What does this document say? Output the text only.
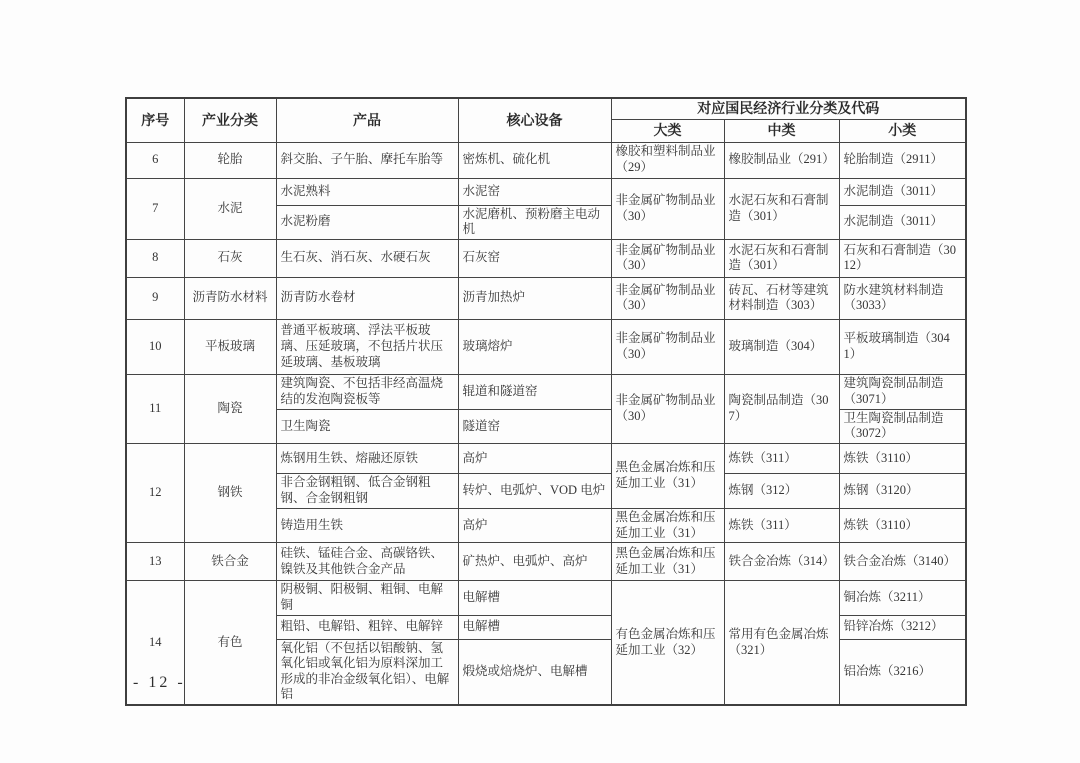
序号	产业分类	产品	核心设备	对应国民经济行业分类及代码		
				大类	中类	小类
6	轮胎	斜交胎、子午胎、摩托车胎等	密炼机、硫化机	橡胶和塑料制品业（29）	橡胶制品业（291）	轮胎制造（2911）
7	水泥	水泥熟料	水泥窑	非金属矿物制品业（30）	水泥石灰和石膏制造（301）	水泥制造（3011）
		水泥粉磨	水泥磨机、预粉磨主电动机			水泥制造（3011）
8	石灰	生石灰、消石灰、水硬石灰	石灰窑	非金属矿物制品业（30）	水泥石灰和石膏制造（301）	石灰和石膏制造（3012）
9	沥青防水材料	沥青防水卷材	沥青加热炉	非金属矿物制品业（30）	砖瓦、石材等建筑材料制造（303）	防水建筑材料制造（3033）
10	平板玻璃	普通平板玻璃、浮法平板玻璃、压延玻璃，不包括片状压延玻璃、基板玻璃	玻璃熔炉	非金属矿物制品业（30）	玻璃制造（304）	平板玻璃制造（3041）
11	陶瓷	建筑陶瓷、不包括非经高温烧结的发泡陶瓷板等	辊道和隧道窑	非金属矿物制品业（30）	陶瓷制品制造（307）	建筑陶瓷制品制造（3071）
		卫生陶瓷	隧道窑			卫生陶瓷制品制造（3072）
12	钢铁	炼钢用生铁、熔融还原铁	高炉	黑色金属冶炼和压延加工业（31）	炼铁（311）	炼铁（3110）
		非合金钢粗钢、低合金钢粗钢、合金钢粗钢	转炉、电弧炉、VOD 电炉		炼钢（312）	炼钢（3120）
		铸造用生铁	高炉	黑色金属冶炼和压延加工业（31）	炼铁（311）	炼铁（3110）
13	铁合金	硅铁、锰硅合金、高碳铬铁、镍铁及其他铁合金产品	矿热炉、电弧炉、高炉	黑色金属冶炼和压延加工业（31）	铁合金冶炼（314）	铁合金冶炼（3140）
14	有色	阴极铜、阳极铜、粗铜、电解铜	电解槽	有色金属冶炼和压延加工业（32）	常用有色金属冶炼（321）	铜冶炼（3211）
		粗铅、电解铅、粗锌、电解锌	电解槽			铅锌冶炼（3212）
		氧化铝（不包括以铝酸钠、氢氧化铝或氧化铝为原料深加工形成的非冶金级氧化铝）、电解铝	煅烧或焙烧炉、电解槽			铝冶炼（3216）
- 12 -
